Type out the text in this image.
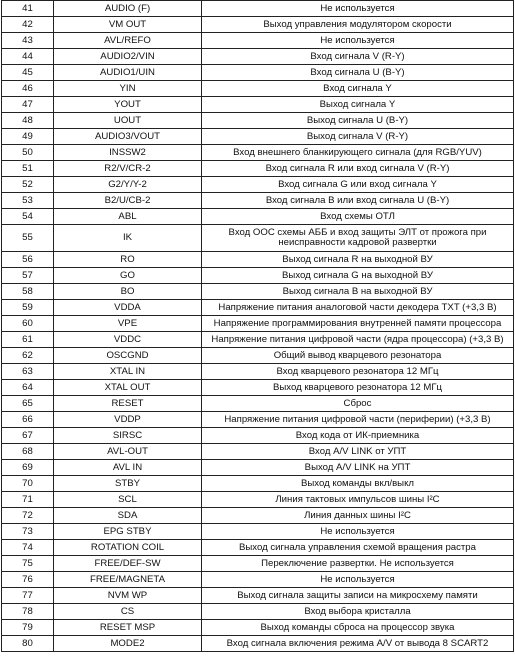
41	AUDIO (F)	Не используется
42	VM OUT	Выход управления модулятором скорости
43	AVL/REFO	Не используется
44	AUDIO2/VIN	Вход сигнала V (R-Y)
45	AUDIO1/UIN	Вход сигнала U (B-Y)
46	YIN	Вход сигнала Y
47	YOUT	Выход сигнала Y
48	UOUT	Выход сигнала U (B-Y)
49	AUDIO3/VOUT	Выход сигнала V (R-Y)
50	INSSW2	Вход внешнего бланкирующего сигнала (для RGB/YUV)
51	R2/V/CR-2	Вход сигнала R или вход сигнала V (R-Y)
52	G2/Y/Y-2	Вход сигнала G или вход сигнала Y
53	B2/U/CB-2	Вход сигнала B или вход сигнала U (B-Y)
54	ABL	Вход схемы ОТЛ
55	IK	Вход ООС схемы АББ и вход защиты ЭЛТ от прожога при неисправности кадровой развертки
56	RO	Выход сигнала R на выходной ВУ
57	GO	Выход сигнала G на выходной ВУ
58	BO	Выход сигнала B на выходной ВУ
59	VDDA	Напряжение питания аналоговой части декодера TXT (+3,3 В)
60	VPE	Напряжение программирования внутренней памяти процессора
61	VDDC	Напряжение питания цифровой части (ядра процессора) (+3,3 В)
62	OSCGND	Общий вывод кварцевого резонатора
63	XTAL IN	Вход кварцевого резонатора 12 МГц
64	XTAL OUT	Выход кварцевого резонатора 12 МГц
65	RESET	Сброс
66	VDDP	Напряжение питания цифровой части (периферии) (+3,3 В)
67	SIRSC	Вход кода от ИК-приемника
68	AVL-OUT	Вход A/V LINK от УПТ
69	AVL IN	Выход A/V LINK на УПТ
70	STBY	Выход команды вкл/выкл
71	SCL	Линия тактовых импульсов шины I²C
72	SDA	Линия данных шины I²C
73	EPG STBY	Не используется
74	ROTATION COIL	Выход сигнала управления схемой вращения растра
75	FREE/DEF-SW	Переключение развертки. Не используется
76	FREE/MAGNETA	Не используется
77	NVM WP	Выход сигнала защиты записи на микросхему памяти
78	CS	Вход выбора кристалла
79	RESET MSP	Выход команды сброса на процессор звука
80	MODE2	Вход сигнала включения режима A/V от вывода 8 SCART2
